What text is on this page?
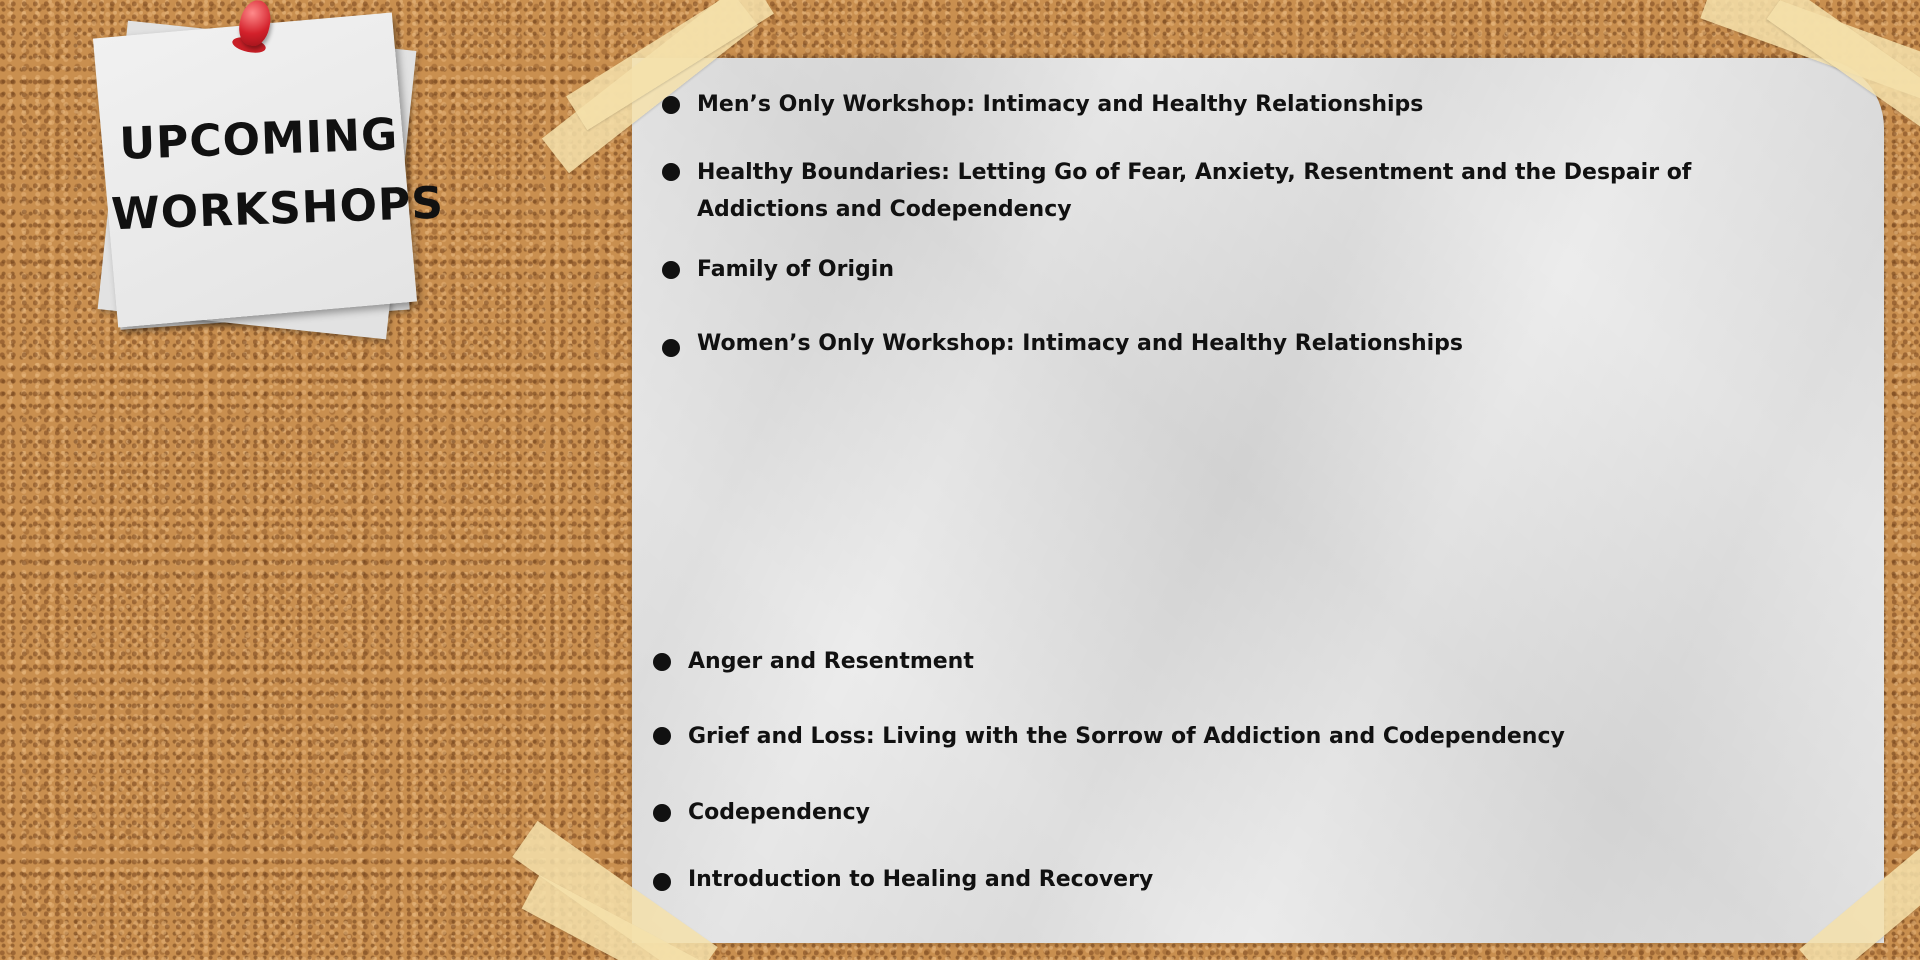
UPCOMING
WORKSHOPS
Men’s Only Workshop: Intimacy and Healthy Relationships
Healthy Boundaries: Letting Go of Fear, Anxiety, Resentment and the Despair of Addictions and Codependency
Family of Origin
Women’s Only Workshop: Intimacy and Healthy Relationships
Anger and Resentment
Grief and Loss: Living with the Sorrow of Addiction and Codependency
Codependency
Introduction to Healing and Recovery
